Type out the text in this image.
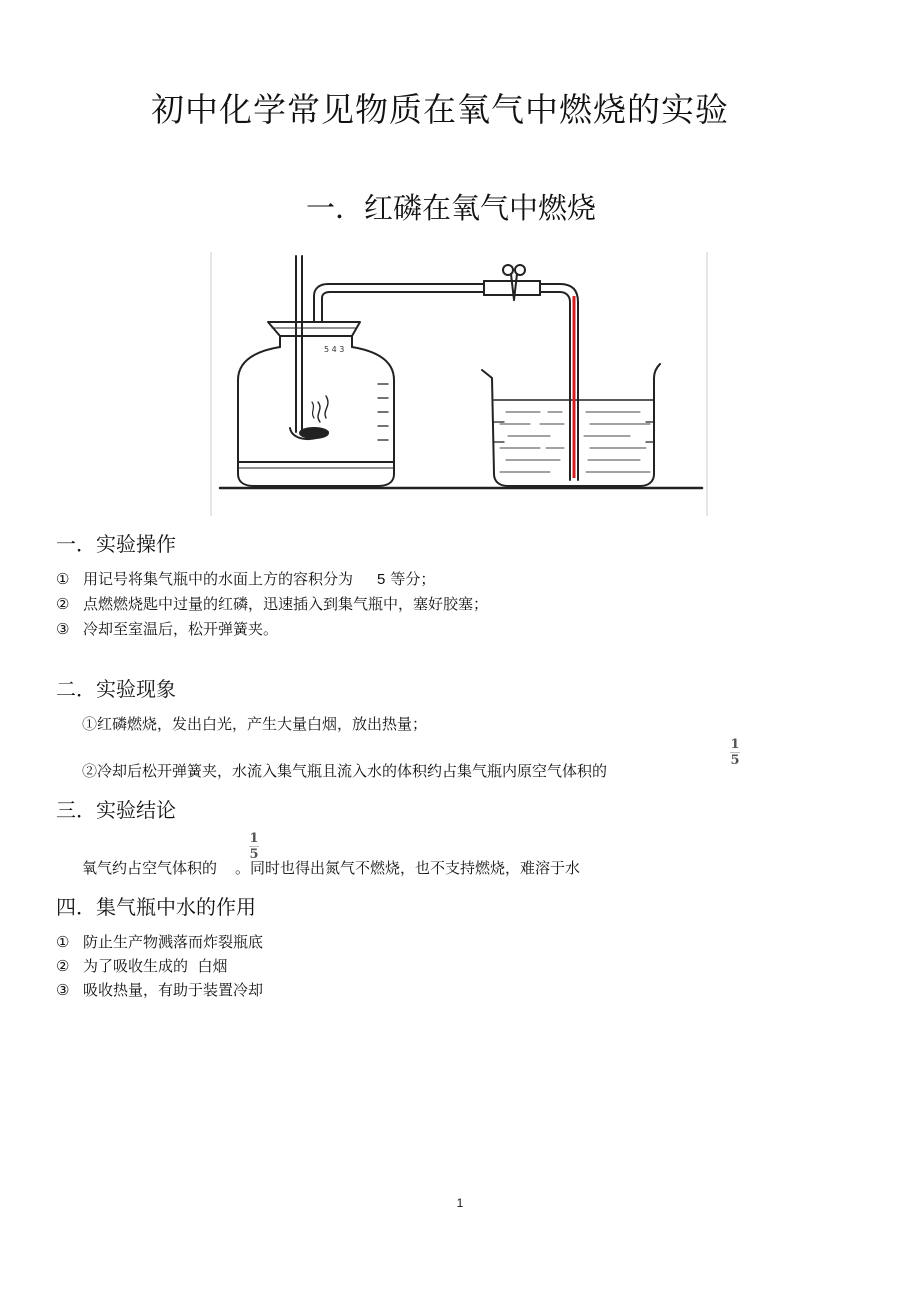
初中化学常见物质在氧气中燃烧的实验
一．红磷在氧气中燃烧
5 4 3
一．实验操作
① 用记号将集气瓶中的水面上方的容积分为 5 等分；
② 点燃燃烧匙中过量的红磷，迅速插入到集气瓶中，塞好胶塞；
③ 冷却至室温后，松开弹簧夹。
二．实验现象
①红磷燃烧，发出白光，产生大量白烟，放出热量；
②冷却后松开弹簧夹，水流入集气瓶且流入水的体积约占集气瓶内原空气体积的
1
5
三．实验结论
氧气约占空气体积的 。同时也得出氮气不燃烧，也不支持燃烧，难溶于水
1
5
四．集气瓶中水的作用
① 防止生产物溅落而炸裂瓶底
② 为了吸收生成的  白烟
③ 吸收热量，有助于装置冷却
1
